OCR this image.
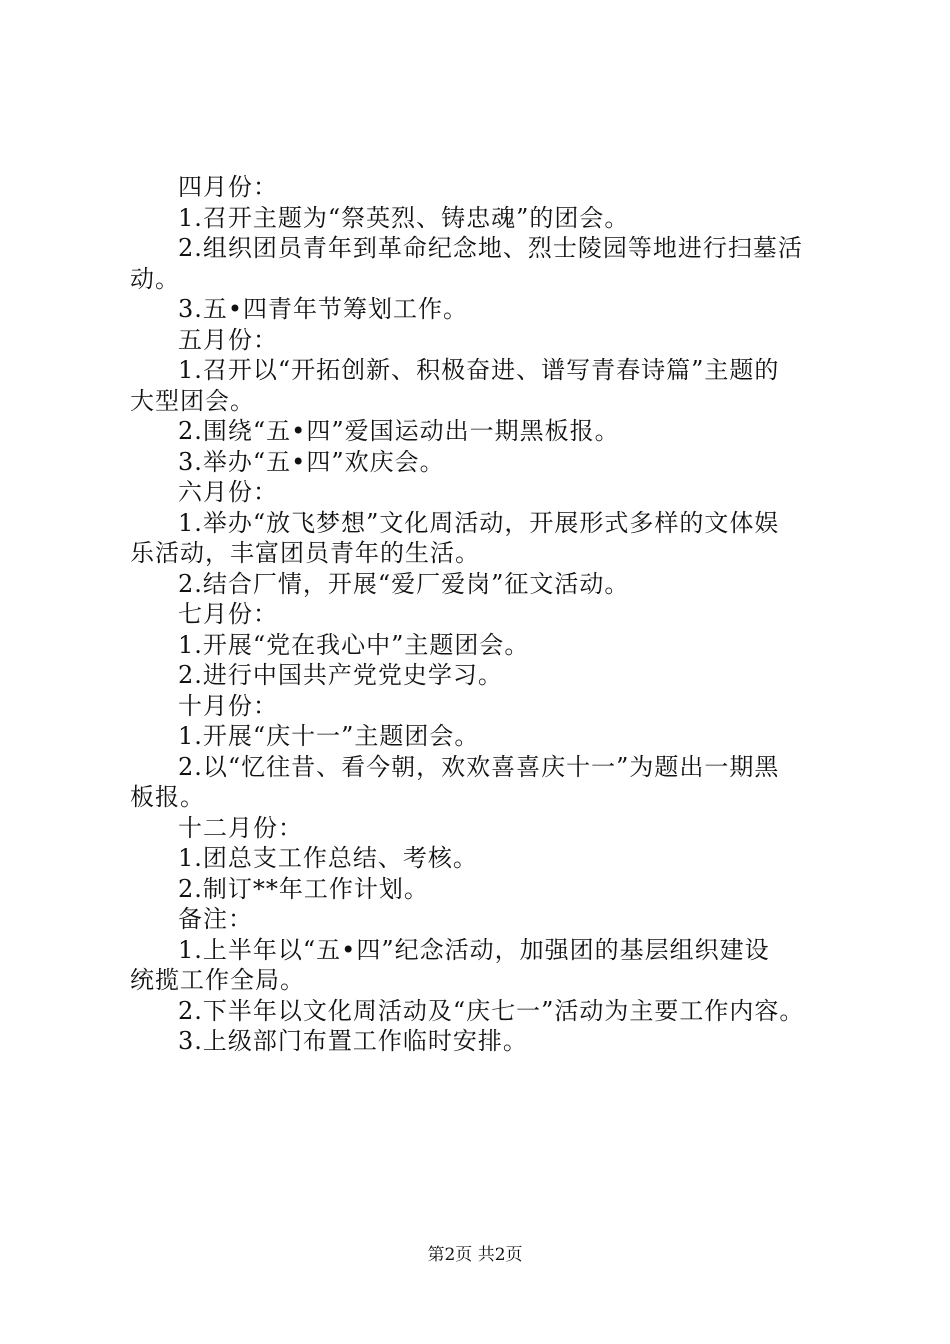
四月份：
1.召开主题为“祭英烈、铸忠魂”的团会。
2.组织团员青年到革命纪念地、烈士陵园等地进行扫墓活
动。
3.五•四青年节筹划工作。
五月份：
1.召开以“开拓创新、积极奋进、谱写青春诗篇”主题的
大型团会。
2.围绕“五•四”爱国运动出一期黑板报。
3.举办“五•四”欢庆会。
六月份：
1.举办“放飞梦想”文化周活动，开展形式多样的文体娱
乐活动，丰富团员青年的生活。
2.结合厂情，开展“爱厂爱岗”征文活动。
七月份：
1.开展“党在我心中”主题团会。
2.进行中国共产党党史学习。
十月份：
1.开展“庆十一”主题团会。
2.以“忆往昔、看今朝，欢欢喜喜庆十一”为题出一期黑
板报。
十二月份：
1.团总支工作总结、考核。
2.制订**年工作计划。
备注：
1.上半年以“五•四”纪念活动，加强团的基层组织建设
统揽工作全局。
2.下半年以文化周活动及“庆七一”活动为主要工作内容。
3.上级部门布置工作临时安排。
第2页 共2页
